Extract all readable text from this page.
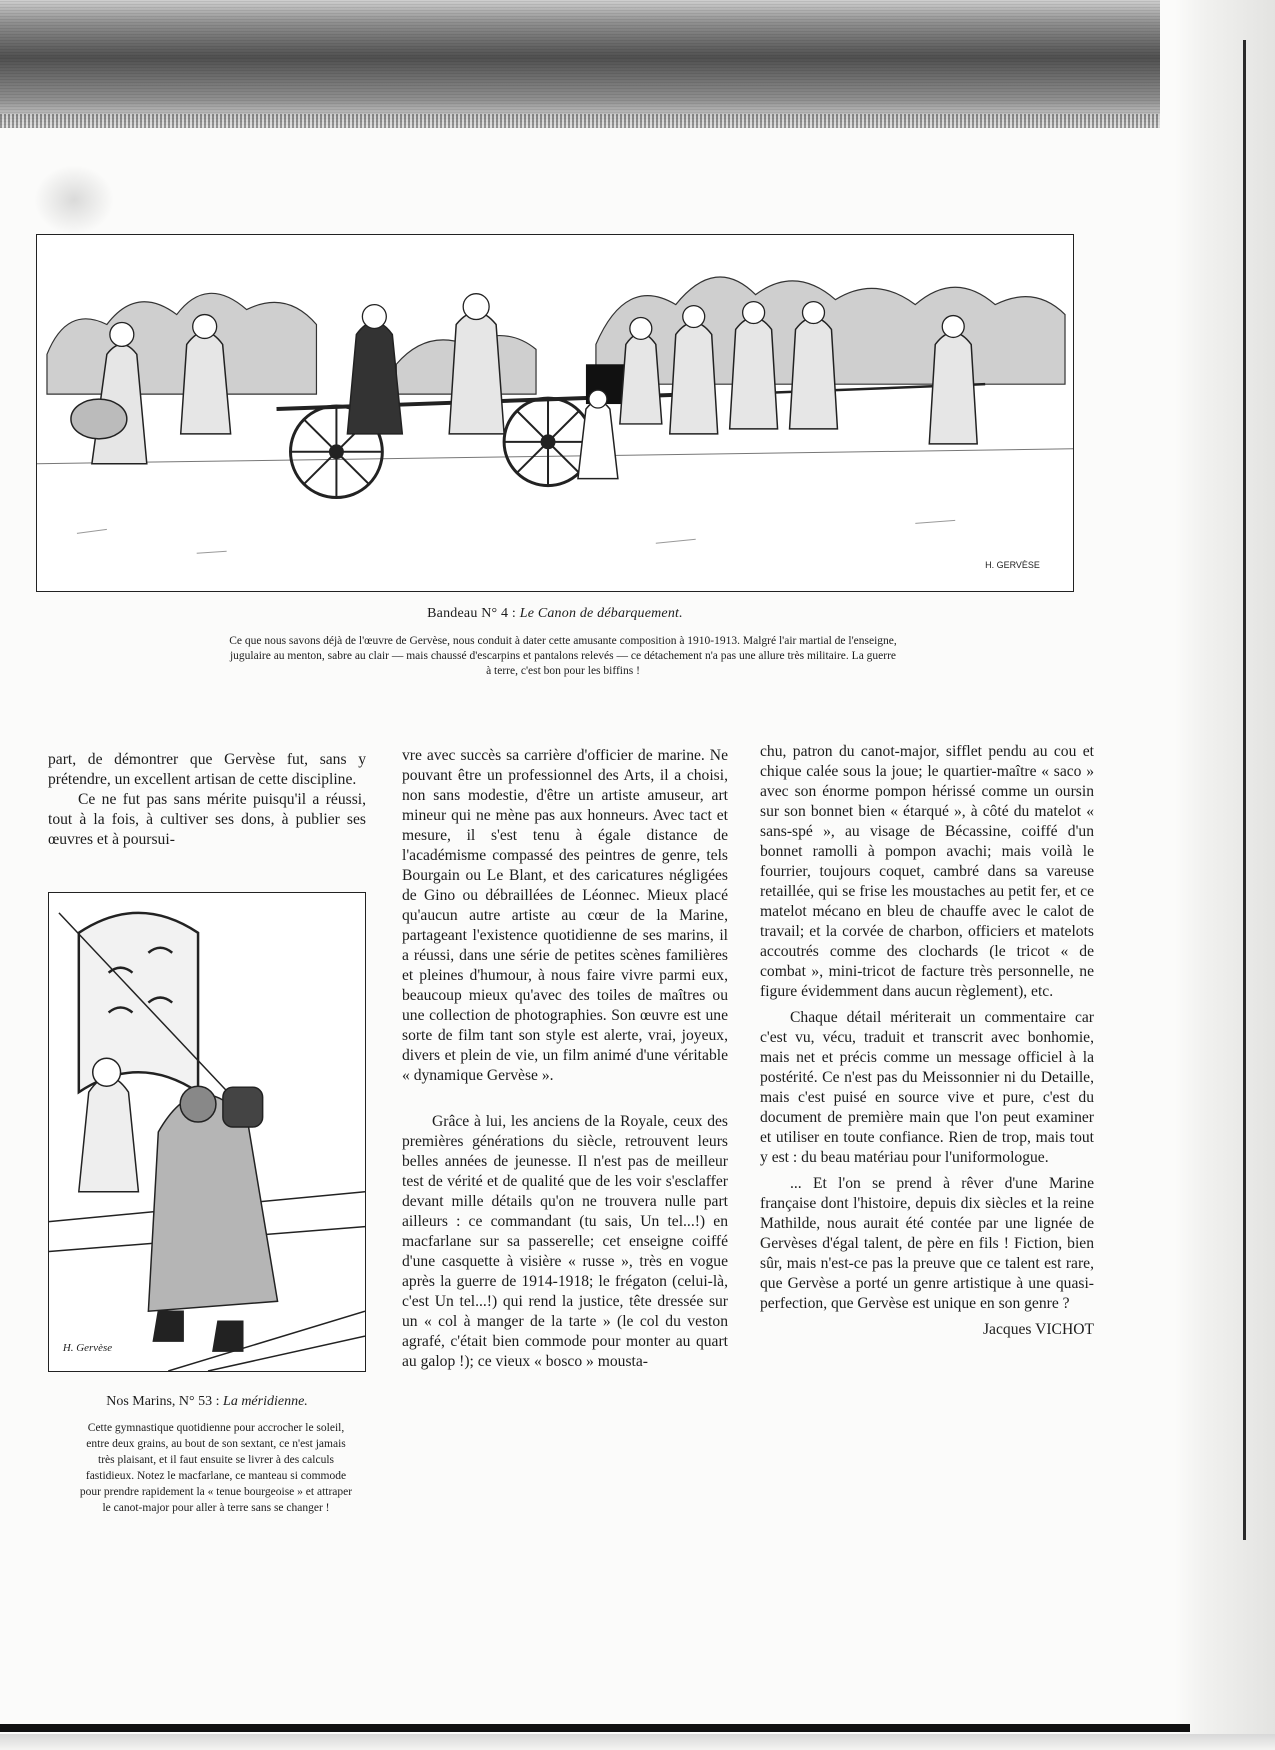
H. GERVÈSE
Bandeau N° 4 : Le Canon de débarquement.
Ce que nous savons déjà de l'œuvre de Gervèse, nous conduit à dater cette amusante composition à 1910-1913. Malgré l'air martial de l'enseigne, jugulaire au menton, sabre au clair — mais chaussé d'escarpins et pantalons relevés — ce détachement n'a pas une allure très militaire. La guerre à terre, c'est bon pour les biffins !

part, de démontrer que Gervèse fut, sans y prétendre, un excellent artisan de cette discipline.

Ce ne fut pas sans mérite puisqu'il a réussi, tout à la fois, à cultiver ses dons, à publier ses œuvres et à poursui-

H. Gervèse
Nos Marins, N° 53 : La méridienne.
Cette gymnastique quotidienne pour accrocher le soleil, entre deux grains, au bout de son sextant, ce n'est jamais très plaisant, et il faut ensuite se livrer à des calculs fastidieux. Notez le macfarlane, ce manteau si commode pour prendre rapidement la « tenue bourgeoise » et attraper le canot-major pour aller à terre sans se changer !

vre avec succès sa carrière d'officier de marine. Ne pouvant être un professionnel des Arts, il a choisi, non sans modestie, d'être un artiste amuseur, art mineur qui ne mène pas aux honneurs. Avec tact et mesure, il s'est tenu à égale distance de l'académisme compassé des peintres de genre, tels Bourgain ou Le Blant, et des caricatures négligées de Gino ou débraillées de Léonnec. Mieux placé qu'aucun autre artiste au cœur de la Marine, partageant l'existence quotidienne de ses marins, il a réussi, dans une série de petites scènes familières et pleines d'humour, à nous faire vivre parmi eux, beaucoup mieux qu'avec des toiles de maîtres ou une collection de photographies. Son œuvre est une sorte de film tant son style est alerte, vrai, joyeux, divers et plein de vie, un film animé d'une véritable « dynamique Gervèse ».

Grâce à lui, les anciens de la Royale, ceux des premières générations du siècle, retrouvent leurs belles années de jeunesse. Il n'est pas de meilleur test de vérité et de qualité que de les voir s'esclaffer devant mille détails qu'on ne trouvera nulle part ailleurs : ce commandant (tu sais, Un tel...!) en macfarlane sur sa passerelle; cet enseigne coiffé d'une casquette à visière « russe », très en vogue après la guerre de 1914-1918; le frégaton (celui-là, c'est Un tel...!) qui rend la justice, tête dressée sur un « col à manger de la tarte » (le col du veston agrafé, c'était bien commode pour monter au quart au galop !); ce vieux « bosco » mousta-

chu, patron du canot-major, sifflet pendu au cou et chique calée sous la joue; le quartier-maître « saco » avec son énorme pompon hérissé comme un oursin sur son bonnet bien « étarqué », à côté du matelot « sans-spé », au visage de Bécassine, coiffé d'un bonnet ramolli à pompon avachi; mais voilà le fourrier, toujours coquet, cambré dans sa vareuse retaillée, qui se frise les moustaches au petit fer, et ce matelot mécano en bleu de chauffe avec le calot de travail; et la corvée de charbon, officiers et matelots accoutrés comme des clochards (le tricot « de combat », mini-tricot de facture très personnelle, ne figure évidemment dans aucun règlement), etc.

Chaque détail mériterait un commentaire car c'est vu, vécu, traduit et transcrit avec bonhomie, mais net et précis comme un message officiel à la postérité. Ce n'est pas du Meissonnier ni du Detaille, mais c'est puisé en source vive et pure, c'est du document de première main que l'on peut examiner et utiliser en toute confiance. Rien de trop, mais tout y est : du beau matériau pour l'uniformologue.

... Et l'on se prend à rêver d'une Marine française dont l'histoire, depuis dix siècles et la reine Mathilde, nous aurait été contée par une lignée de Gervèses d'égal talent, de père en fils ! Fiction, bien sûr, mais n'est-ce pas la preuve que ce talent est rare, que Gervèse a porté un genre artistique à une quasi-perfection, que Gervèse est unique en son genre ?

Jacques VICHOT
